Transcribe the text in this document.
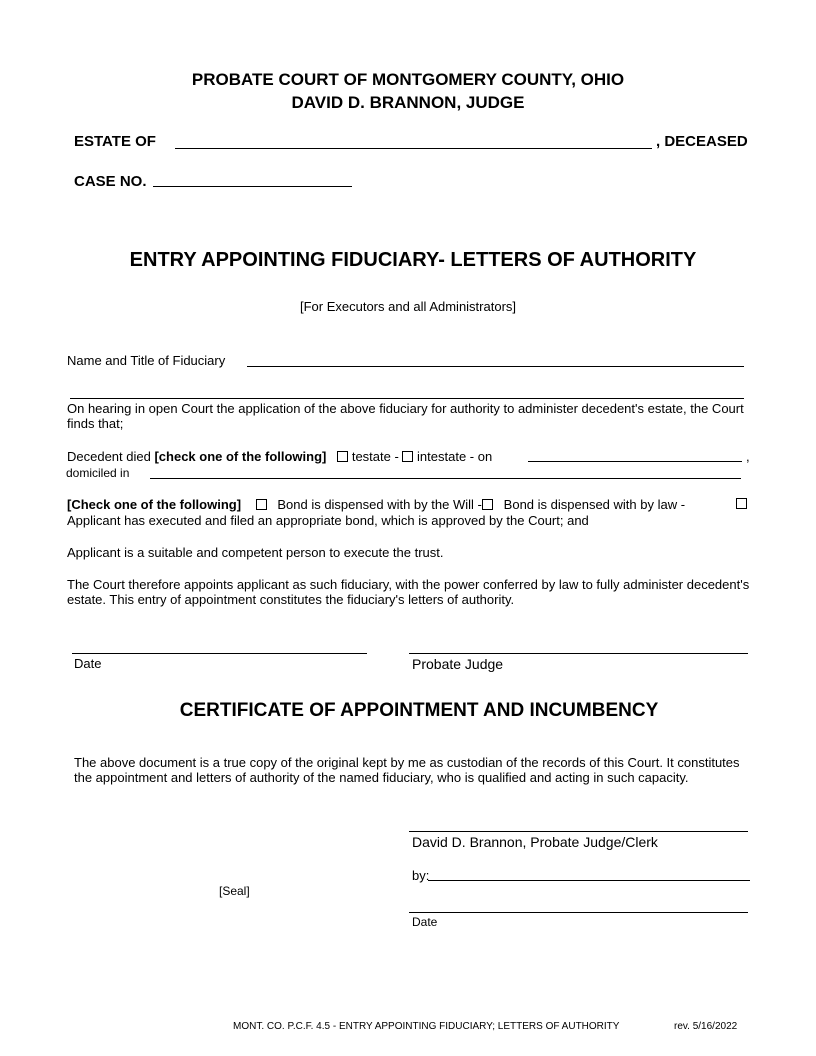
PROBATE COURT OF MONTGOMERY COUNTY, OHIO
DAVID D. BRANNON, JUDGE
ESTATE OF	, DECEASED
CASE NO.
ENTRY APPOINTING FIDUCIARY- LETTERS OF AUTHORITY
[For Executors and all Administrators]
Name and Title of Fiduciary
On hearing in open Court the application of the above fiduciary for authority to administer decedent's estate, the Court finds that;
Decedent died [check one of the following] testate - intestate - on	,
domiciled in
[Check one of the following]	Bond is dispensed with by the Will - Bond is dispensed with by law -
Applicant has executed and filed an appropriate bond, which is approved by the Court; and
Applicant is a suitable and competent person to execute the trust.
The Court therefore appoints applicant as such fiduciary, with the power conferred by law to fully administer decedent's estate. This entry of appointment constitutes the fiduciary's letters of authority.
Date	Probate Judge
CERTIFICATE OF APPOINTMENT AND INCUMBENCY
The above document is a true copy of the original kept by me as custodian of the records of this Court. It constitutes the appointment and letters of authority of the named fiduciary, who is qualified and acting in such capacity.
David D. Brannon, Probate Judge/Clerk
by:
[Seal]
Date
MONT. CO. P.C.F. 4.5 - ENTRY APPOINTING FIDUCIARY; LETTERS OF AUTHORITY	rev. 5/16/2022
